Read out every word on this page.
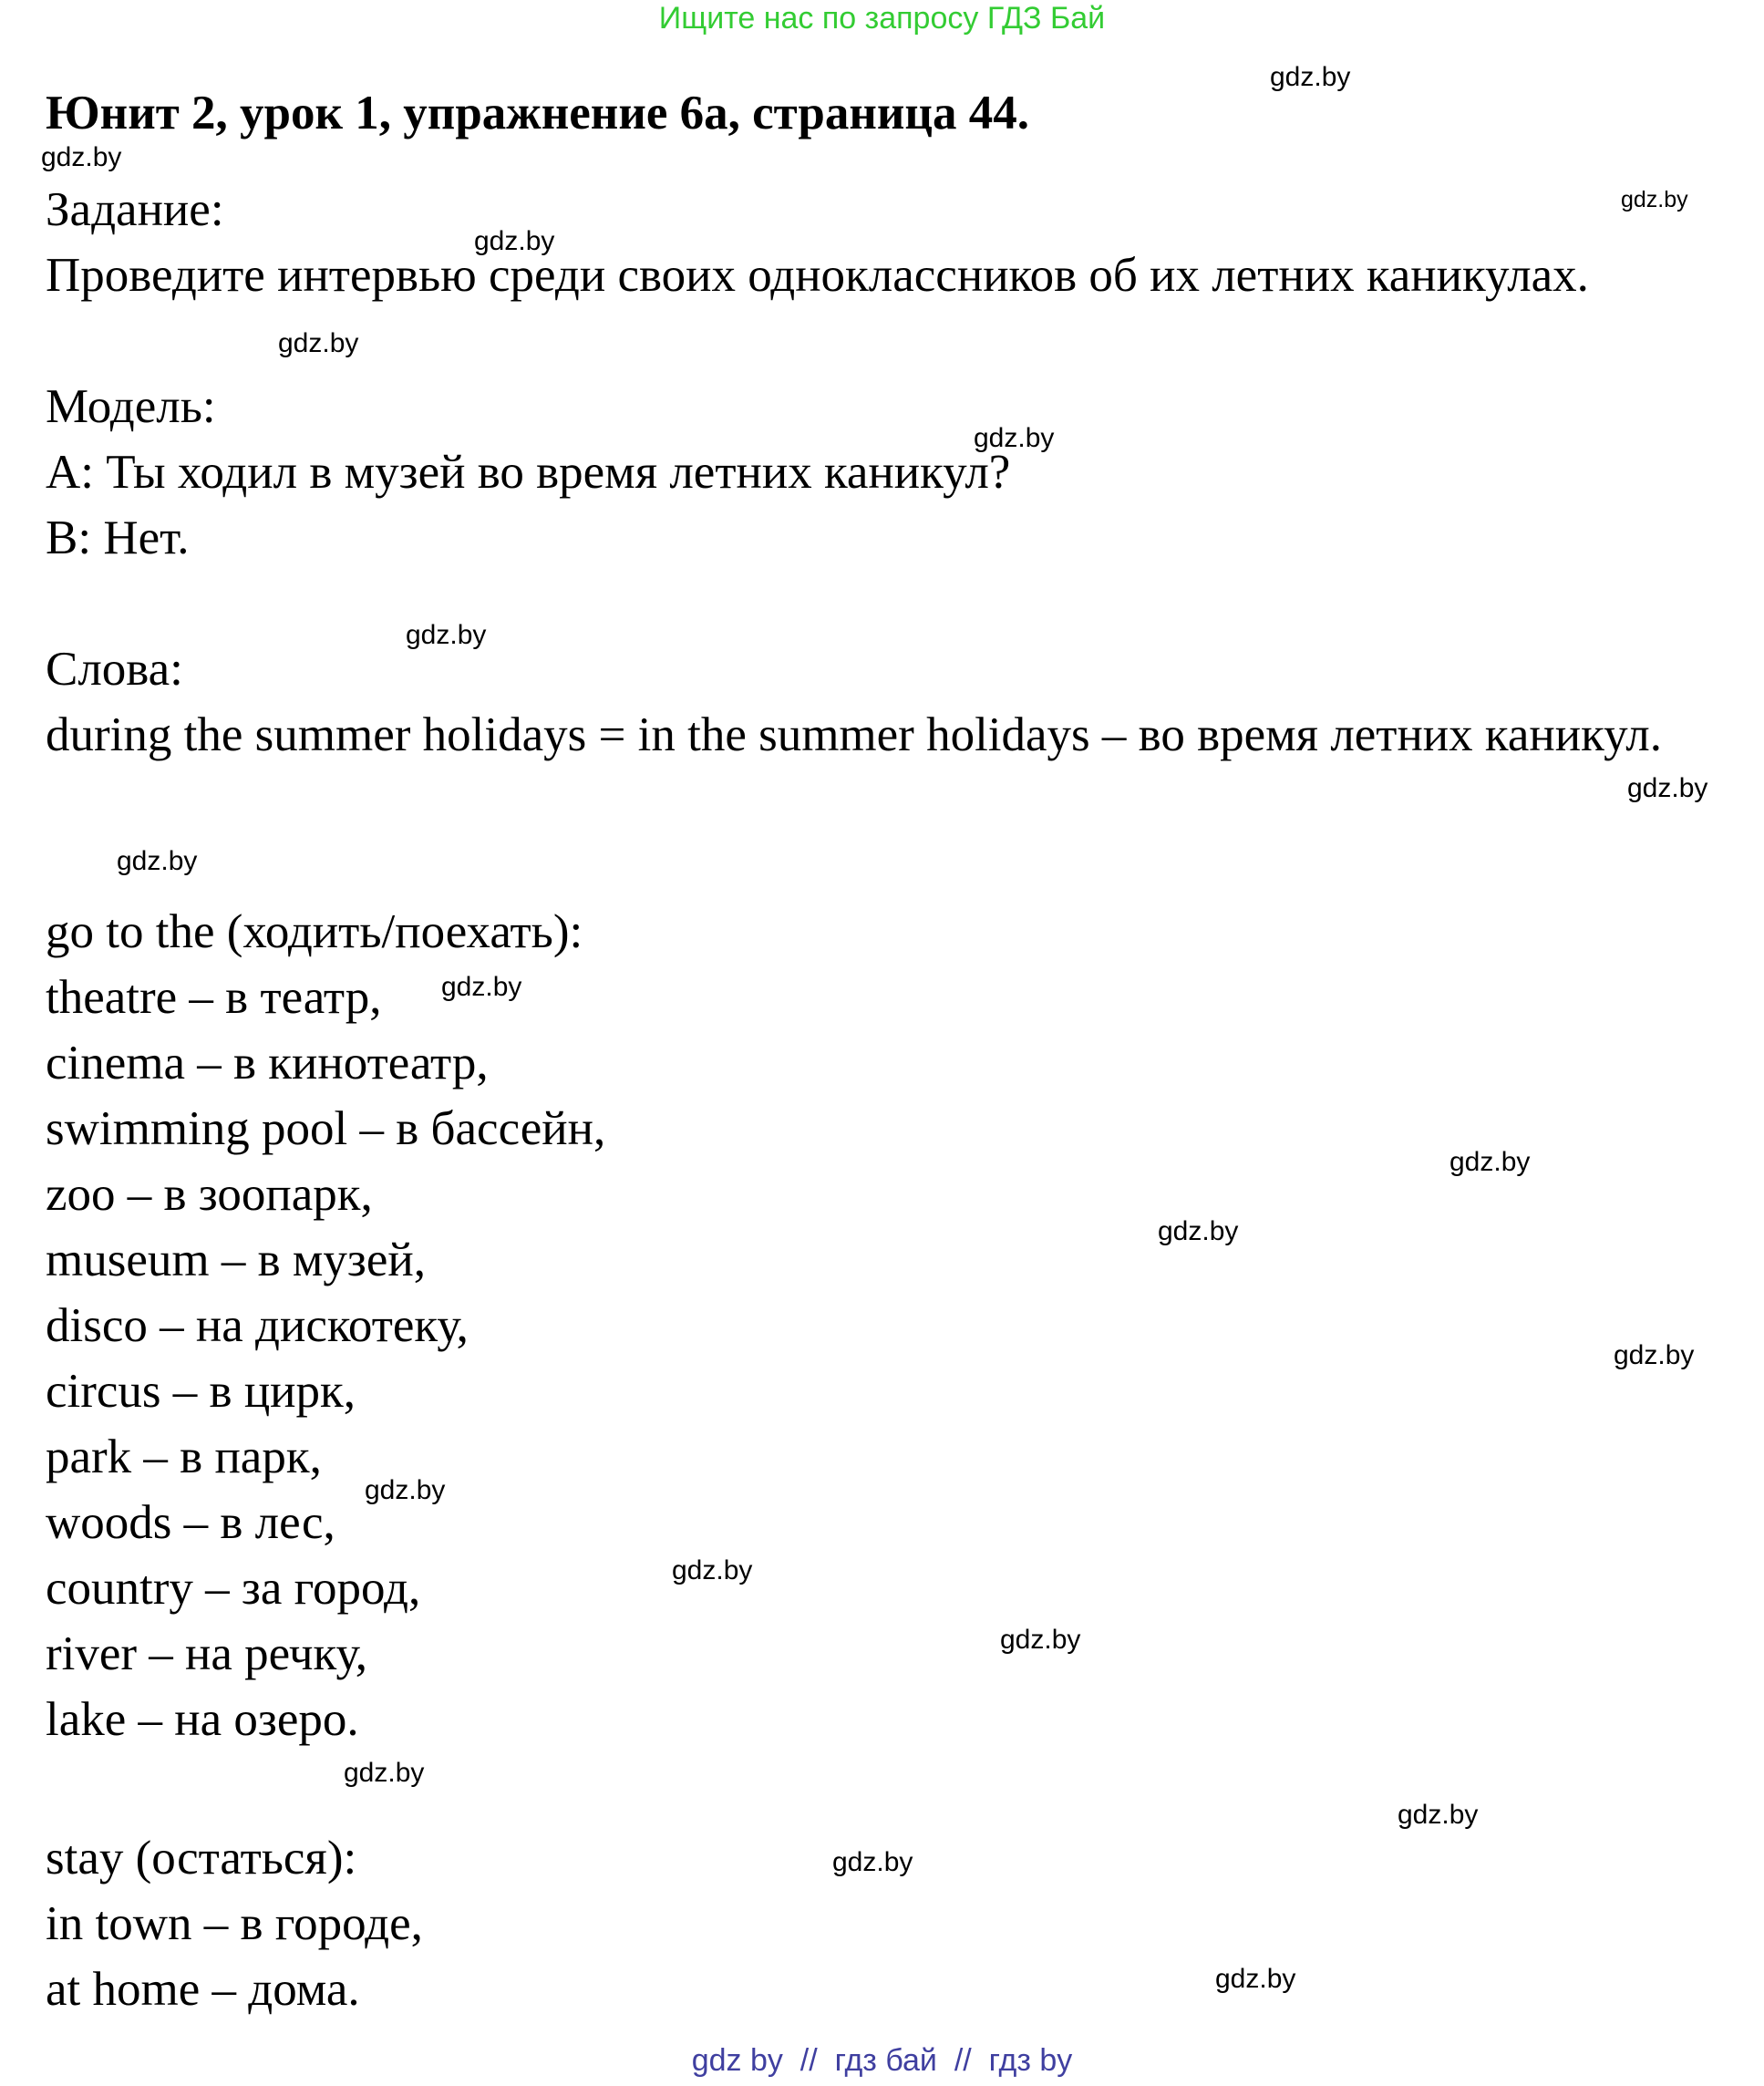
Ищите нас по запросу ГДЗ Бай
Юнит 2, урок 1, упражнение 6а, страница 44.
Задание:
Проведите интервью среди своих одноклассников об их летних каникулах.
Модель:
А: Ты ходил в музей во время летних каникул?
В: Нет.
Слова:
during the summer holidays = in the summer holidays – во время летних каникул.
go to the (ходить/поехать):
theatre – в театр,
cinema – в кинотеатр,
swimming pool – в бассейн,
zoo – в зоопарк,
museum – в музей,
disco – на дискотеку,
circus – в цирк,
park – в парк,
woods – в лес,
country – за город,
river – на речку,
lake – на озеро.
stay (остаться):
in town – в городе,
at home – дома.
gdz.by
gdz.by
gdz.by
gdz.by
gdz.by
gdz.by
gdz.by
gdz.by
gdz.by
gdz.by
gdz.by
gdz.by
gdz.by
gdz.by
gdz.by
gdz.by
gdz.by
gdz.by
gdz.by
gdz.by
gdz by  //  гдз бай  //  гдз by
